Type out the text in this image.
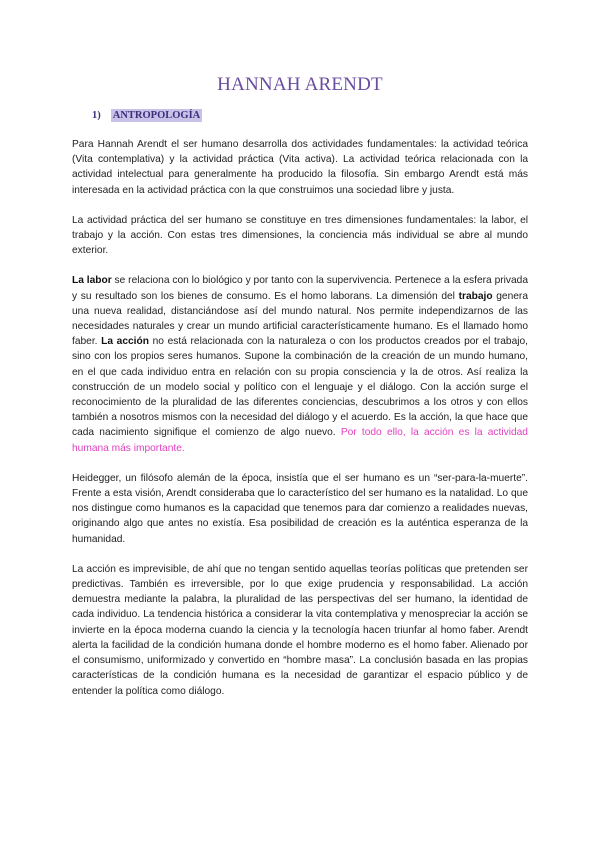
HANNAH ARENDT
1) ANTROPOLOGÍA

Para Hannah Arendt el ser humano desarrolla dos actividades fundamentales: la actividad teórica (Vita contemplativa) y la actividad práctica (Vita activa). La actividad teórica relacionada con la actividad intelectual para generalmente ha producido la filosofía. Sin embargo Arendt está más interesada en la actividad práctica con la que construimos una sociedad libre y justa.

La actividad práctica del ser humano se constituye en tres dimensiones fundamentales: la labor, el trabajo y la acción. Con estas tres dimensiones, la conciencia más individual se abre al mundo exterior.

La labor se relaciona con lo biológico y por tanto con la supervivencia. Pertenece a la esfera privada y su resultado son los bienes de consumo. Es el homo laborans. La dimensión del trabajo genera una nueva realidad, distanciándose así del mundo natural. Nos permite independizarnos de las necesidades naturales y crear un mundo artificial característicamente humano. Es el llamado homo faber. La acción no está relacionada con la naturaleza o con los productos creados por el trabajo, sino con los propios seres humanos. Supone la combinación de la creación de un mundo humano, en el que cada individuo entra en relación con su propia consciencia y la de otros. Así realiza la construcción de un modelo social y político con el lenguaje y el diálogo. Con la acción surge el reconocimiento de la pluralidad de las diferentes conciencias, descubrimos a los otros y con ellos también a nosotros mismos con la necesidad del diálogo y el acuerdo. Es la acción, la que hace que cada nacimiento signifique el comienzo de algo nuevo. Por todo ello, la acción es la actividad humana más importante.

Heidegger, un filósofo alemán de la época, insistía que el ser humano es un “ser-para-la-muerte”. Frente a esta visión, Arendt consideraba que lo característico del ser humano es la natalidad. Lo que nos distingue como humanos es la capacidad que tenemos para dar comienzo a realidades nuevas, originando algo que antes no existía. Esa posibilidad de creación es la auténtica esperanza de la humanidad.

La acción es imprevisible, de ahí que no tengan sentido aquellas teorías políticas que pretenden ser predictivas. También es irreversible, por lo que exige prudencia y responsabilidad. La acción demuestra mediante la palabra, la pluralidad de las perspectivas del ser humano, la identidad de cada individuo. La tendencia histórica a considerar la vita contemplativa y menospreciar la acción se invierte en la época moderna cuando la ciencia y la tecnología hacen triunfar al homo faber. Arendt alerta la facilidad de la condición humana donde el hombre moderno es el homo faber. Alienado por el consumismo, uniformizado y convertido en “hombre masa”. La conclusión basada en las propias características de la condición humana es la necesidad de garantizar el espacio público y de entender la política como diálogo.
